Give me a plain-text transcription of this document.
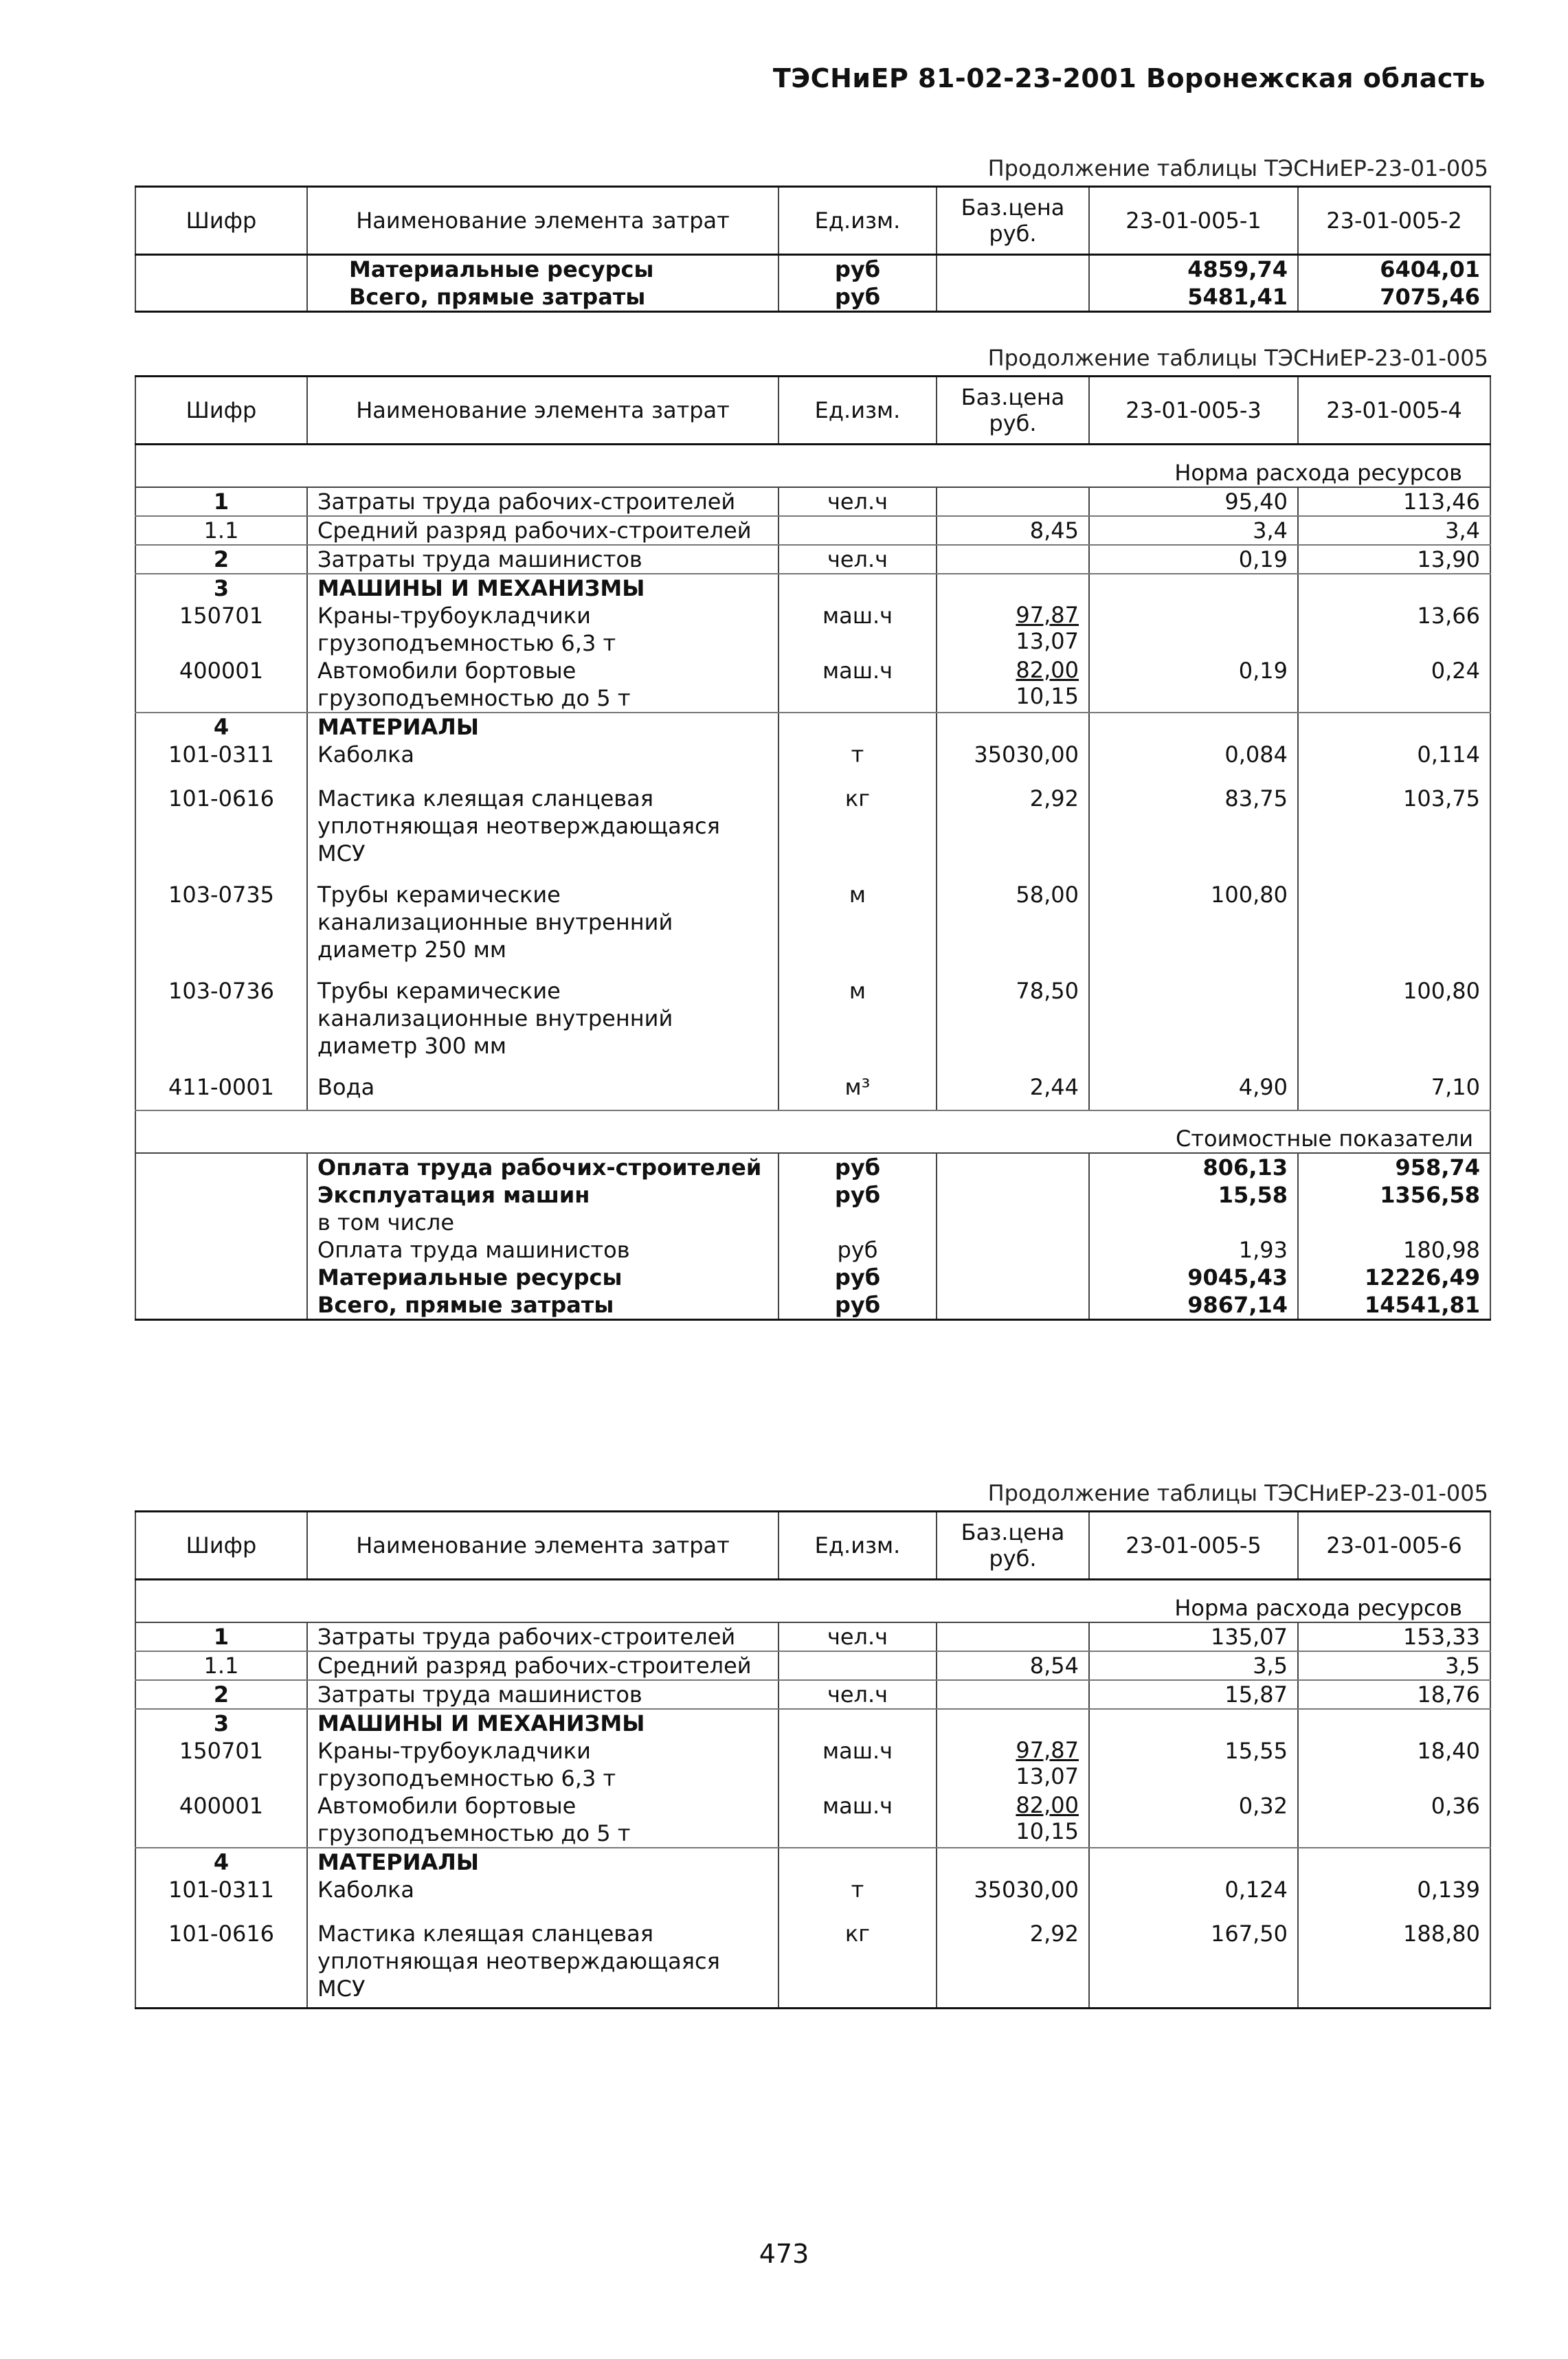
ТЭСНиЕР 81-02-23-2001 Воронежская область
Продолжение таблицы ТЭСНиЕР-23-01-005
Шифр	Наименование элемента затрат	Ед.изм.	Баз.цена руб.	23-01-005-1	23-01-005-2
	Материальные ресурсы	руб		4859,74	6404,01
	Всего, прямые затраты	руб		5481,41	7075,46
Продолжение таблицы ТЭСНиЕР-23-01-005
Шифр	Наименование элемента затрат	Ед.изм.	Баз.цена руб.	23-01-005-3	23-01-005-4

Норма расхода ресурсов					
1	Затраты труда рабочих-строителей	чел.ч		95,40	113,46
1.1	Средний разряд рабочих-строителей		8,45	3,4	3,4
2	Затраты труда машинистов	чел.ч		0,19	13,90
3	МАШИНЫ И МЕХАНИЗМЫ				
150701	Краны-трубоукладчики грузоподъемностью 6,3 т	маш.ч	$\frac{97,87}{13,07}$		13,66
400001	Автомобили бортовые грузоподъемностью до 5 т	маш.ч	$\frac{82,00}{10,15}$	0,19	0,24
4	МАТЕРИАЛЫ				
101-0311	Каболка	т	35030,00	0,084	0,114
101-0616	Мастика клеящая сланцевая уплотняющая неотверждающаяся МСУ	кг	2,92	83,75	103,75
103-0735	Трубы керамические канализационные внутренний диаметр 250 мм	м	58,00	100,80	
103-0736	Трубы керамические канализационные внутренний диаметр 300 мм	м	78,50		100,80
411-0001	Вода	м³	2,44	4,90	7,10

Стоимостные показатели					
	Оплата труда рабочих-строителей	руб		806,13	958,74
	Эксплуатация машин	руб		15,58	1356,58
	в том числе				
	Оплата труда машинистов	руб		1,93	180,98
	Материальные ресурсы	руб		9045,43	12226,49
	Всего, прямые затраты	руб		9867,14	14541,81
Продолжение таблицы ТЭСНиЕР-23-01-005
Шифр	Наименование элемента затрат	Ед.изм.	Баз.цена руб.	23-01-005-5	23-01-005-6

Норма расхода ресурсов					
1	Затраты труда рабочих-строителей	чел.ч		135,07	153,33
1.1	Средний разряд рабочих-строителей		8,54	3,5	3,5
2	Затраты труда машинистов	чел.ч		15,87	18,76
3	МАШИНЫ И МЕХАНИЗМЫ				
150701	Краны-трубоукладчики грузоподъемностью 6,3 т	маш.ч	$\frac{97,87}{13,07}$	15,55	18,40
400001	Автомобили бортовые грузоподъемностью до 5 т	маш.ч	$\frac{82,00}{10,15}$	0,32	0,36
4	МАТЕРИАЛЫ				
101-0311	Каболка	т	35030,00	0,124	0,139
101-0616	Мастика клеящая сланцевая уплотняющая неотверждающаяся МСУ	кг	2,92	167,50	188,80
473
